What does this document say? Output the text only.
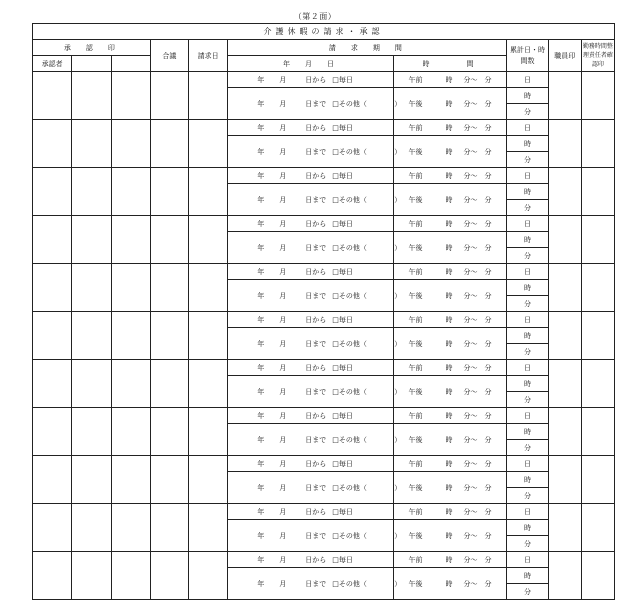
（第２面）
介護休暇の請求・承認									
承　認　印			合議	請求日	請　求　期　間		累計日・時間数	職員印	勤務時間整理責任者確認印
承認者					年　月　日	時　　　間			
					年 月 日から □毎日	午前 時 分〜 分	日		
					年 月 日まで □その他（ ）	午後 時 分〜 分	時		
							分		
					年 月 日から □毎日	午前 時 分〜 分	日		
					年 月 日まで □その他（ ）	午後 時 分〜 分	時		
							分		
					年 月 日から □毎日	午前 時 分〜 分	日		
					年 月 日まで □その他（ ）	午後 時 分〜 分	時		
							分		
					年 月 日から □毎日	午前 時 分〜 分	日		
					年 月 日まで □その他（ ）	午後 時 分〜 分	時		
							分		
					年 月 日から □毎日	午前 時 分〜 分	日		
					年 月 日まで □その他（ ）	午後 時 分〜 分	時		
							分		
					年 月 日から □毎日	午前 時 分〜 分	日		
					年 月 日まで □その他（ ）	午後 時 分〜 分	時		
							分		
					年 月 日から □毎日	午前 時 分〜 分	日		
					年 月 日まで □その他（ ）	午後 時 分〜 分	時		
							分		
					年 月 日から □毎日	午前 時 分〜 分	日		
					年 月 日まで □その他（ ）	午後 時 分〜 分	時		
							分		
					年 月 日から □毎日	午前 時 分〜 分	日		
					年 月 日まで □その他（ ）	午後 時 分〜 分	時		
							分		
					年 月 日から □毎日	午前 時 分〜 分	日		
					年 月 日まで □その他（ ）	午後 時 分〜 分	時		
							分		
					年 月 日から □毎日	午前 時 分〜 分	日		
					年 月 日まで □その他（ ）	午後 時 分〜 分	時		
							分		
